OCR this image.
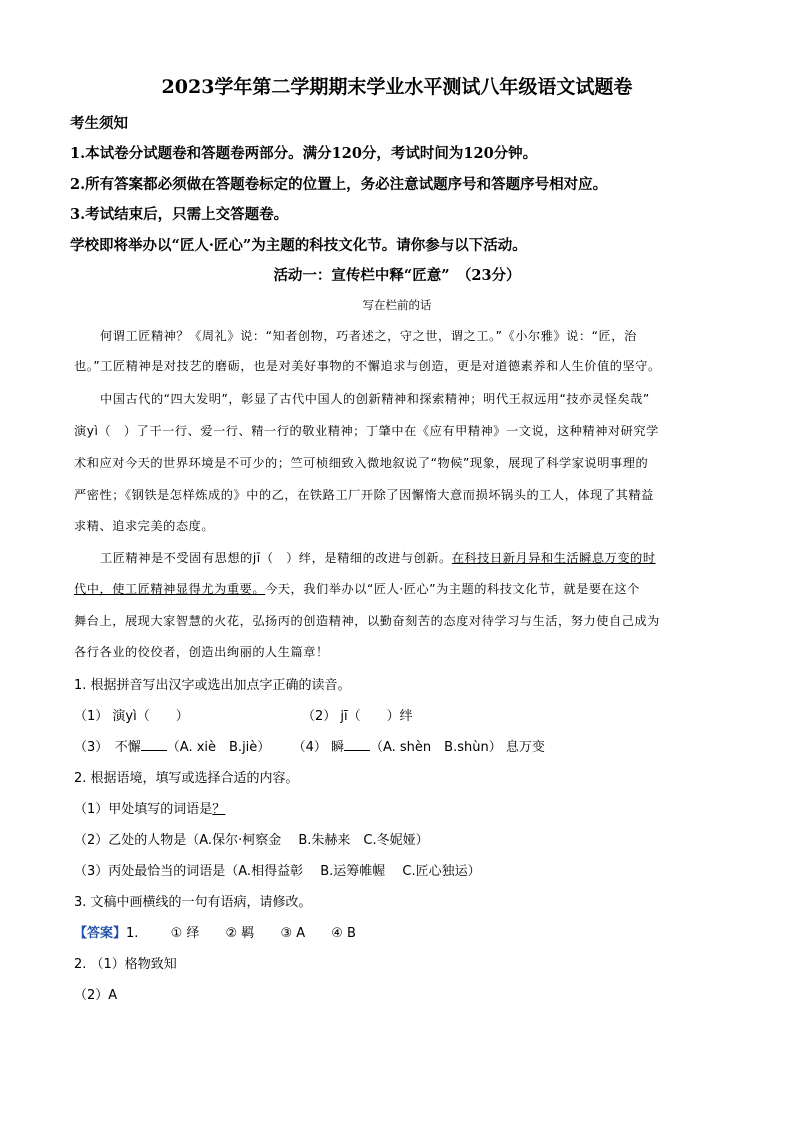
2023学年第二学期期末学业水平测试八年级语文试题卷
考生须知
1.本试卷分试题卷和答题卷两部分。满分120分，考试时间为120分钟。
2.所有答案都必须做在答题卷标定的位置上，务必注意试题序号和答题序号相对应。
3.考试结束后，只需上交答题卷。
学校即将举办以“匠人·匠心”为主题的科技文化节。请你参与以下活动。
活动一：宣传栏中释“匠意”　（23分）
写在栏前的话
何谓工匠精神？《周礼》说：“知者创物，巧者述之，守之世，谓之工。”《小尔雅》说：“匠，治
也。”工匠精神是对技艺的磨砺，也是对美好事物的不懈追求与创造，更是对道德素养和人生价值的坚守。
中国古代的“四大发明”，彰显了古代中国人的创新精神和探索精神；明代王叔远用“技亦灵怪矣哉”
演yì（　）了干一行、爱一行、精一行的敬业精神；丁肇中在《应有甲精神》一文说，这种精神对研究学
术和应对今天的世界环境是不可少的；竺可桢细致入微地叙说了“物候”现象，展现了科学家说明事理的
严密性；《钢铁是怎样炼成的》中的乙，在铁路工厂开除了因懈惰大意而损坏锅头的工人，体现了其精益
求精、追求完美的态度。
工匠精神是不受固有思想的jī（　）绊，是精细的改进与创新。在科技日新月异和生活瞬息万变的时
代中，使工匠精神显得尤为重要。今天，我们举办以“匠人·匠心”为主题的科技文化节，就是要在这个
舞台上，展现大家智慧的火花，弘扬丙的创造精神，以勤奋刻苦的态度对待学习与生活，努力使自己成为
各行各业的佼佼者，创造出绚丽的人生篇章！
1. 根据拼音写出汉字或选出加点字正确的读音。
（1） 演yì（　　）	（2） jī（　　）绊
（3）　不懈 （A. xiè　B.jiè） （4） 瞬 （A. shèn　B.shùn） 息万变
2. 根据语境，填写或选择合适的内容。
（1）甲处填写的词语是？
（2）乙处的人物是（A.保尔·柯察金　 B.朱赫来　C.冬妮娅）
（3）丙处最恰当的词语是（A.相得益彰　 B.运筹帷幄　 C.匠心独运）
3. 文稿中画横线的一句有语病，请修改。
【答案】1. ① 绎 ② 羁 ③ A ④ B
2. （1）格物致知
（2）A
